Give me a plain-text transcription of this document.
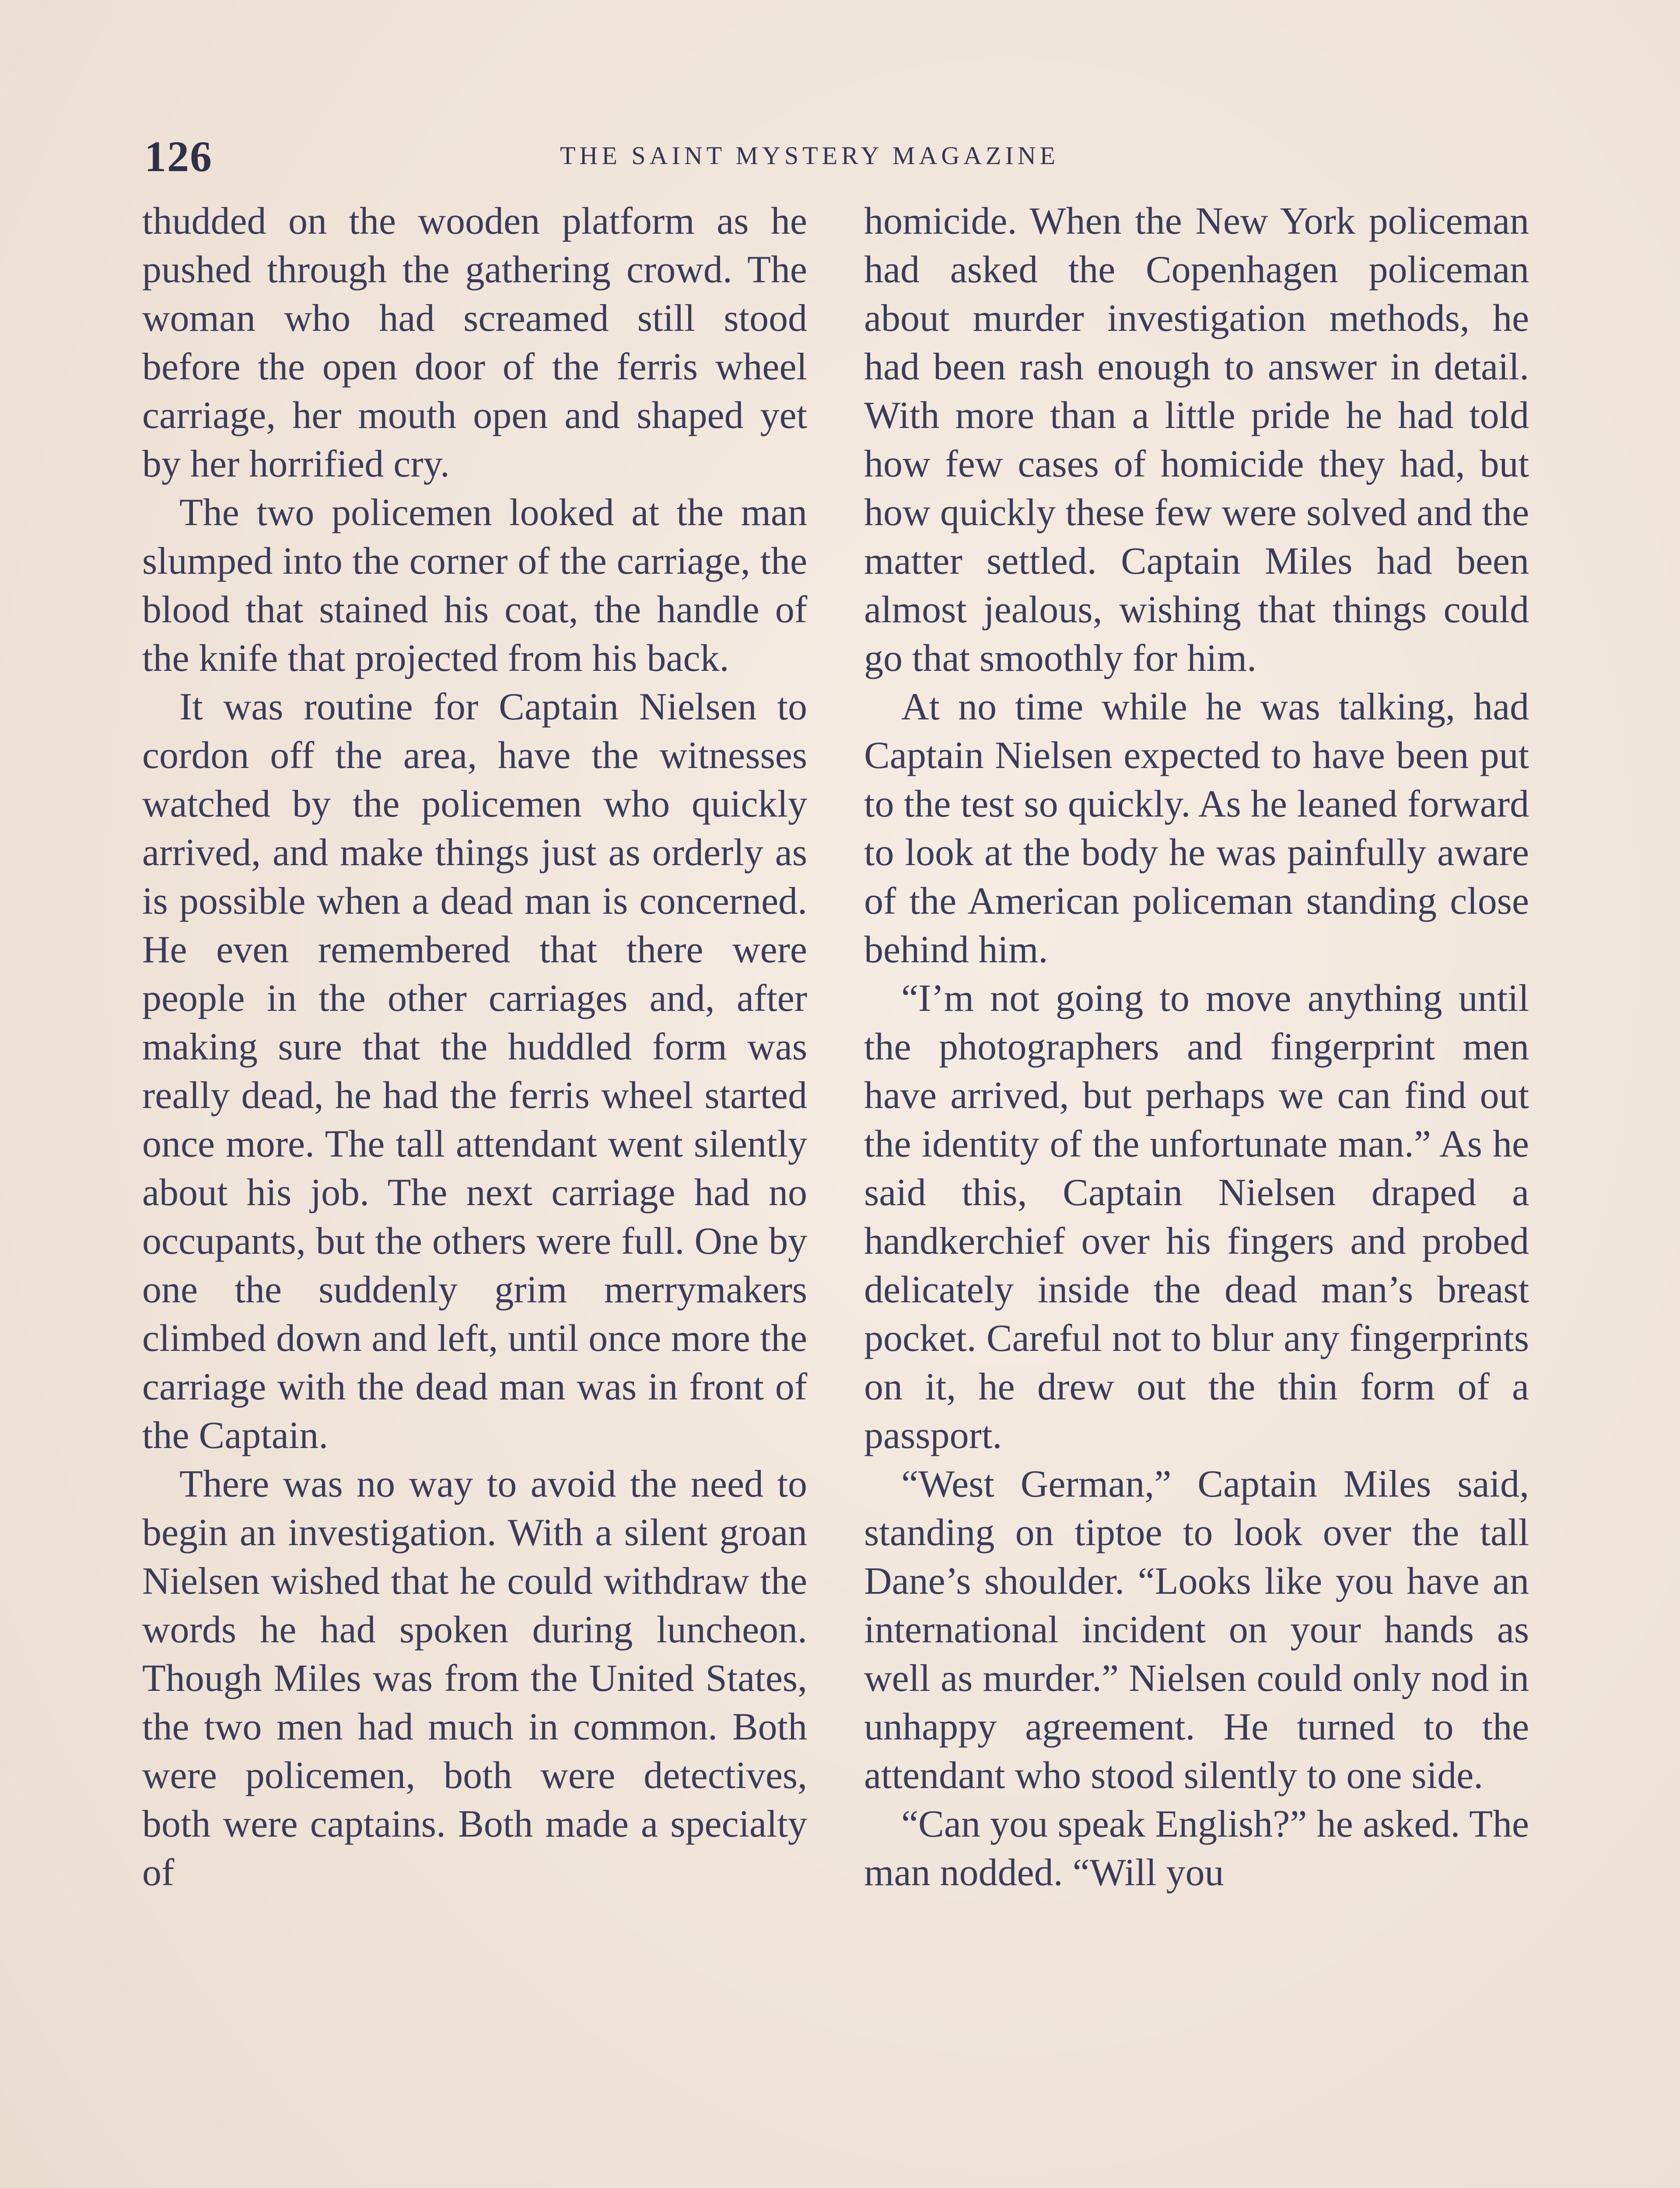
126	THE SAINT MYSTERY MAGAZINE

thudded on the wooden platform as he pushed through the gathering crowd. The woman who had screamed still stood before the open door of the ferris wheel carriage, her mouth open and shaped yet by her horrified cry.

The two policemen looked at the man slumped into the corner of the carriage, the blood that stained his coat, the handle of the knife that projected from his back.

It was routine for Captain Nielsen to cordon off the area, have the witnesses watched by the policemen who quickly arrived, and make things just as orderly as is possible when a dead man is concerned. He even remembered that there were people in the other carriages and, after making sure that the huddled form was really dead, he had the ferris wheel started once more. The tall attendant went silently about his job. The next carriage had no occupants, but the others were full. One by one the suddenly grim merrymakers climbed down and left, until once more the carriage with the dead man was in front of the Captain.

There was no way to avoid the need to begin an investigation. With a silent groan Nielsen wished that he could withdraw the words he had spoken during luncheon. Though Miles was from the United States, the two men had much in common. Both were policemen, both were detectives, both were captains. Both made a specialty of

homicide. When the New York policeman had asked the Copenhagen policeman about murder investigation methods, he had been rash enough to answer in detail. With more than a little pride he had told how few cases of homicide they had, but how quickly these few were solved and the matter settled. Captain Miles had been almost jealous, wishing that things could go that smoothly for him.

At no time while he was talking, had Captain Nielsen expected to have been put to the test so quickly. As he leaned forward to look at the body he was painfully aware of the American policeman standing close behind him.

“I’m not going to move anything until the photographers and fingerprint men have arrived, but perhaps we can find out the identity of the unfortunate man.” As he said this, Captain Nielsen draped a handkerchief over his fingers and probed delicately inside the dead man’s breast pocket. Careful not to blur any fingerprints on it, he drew out the thin form of a passport.

“West German,” Captain Miles said, standing on tiptoe to look over the tall Dane’s shoulder. “Looks like you have an international incident on your hands as well as murder.” Nielsen could only nod in unhappy agreement. He turned to the attendant who stood silently to one side.

“Can you speak English?” he asked. The man nodded. “Will you
